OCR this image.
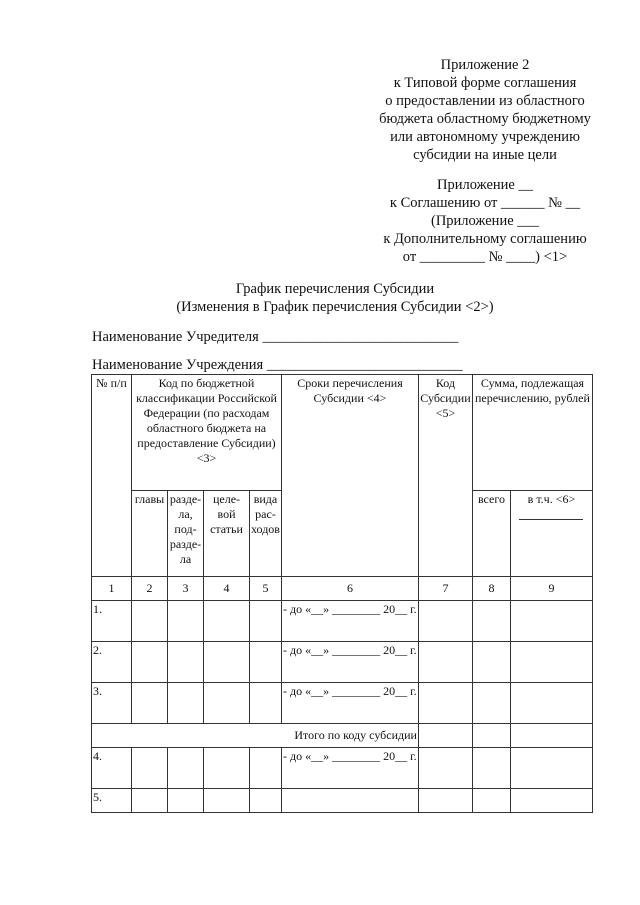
Приложение 2
к Типовой форме соглашения
о предоставлении из областного
бюджета областному бюджетному
или автономному учреждению
субсидии на иные цели
Приложение __
к Соглашению от ______ № __
(Приложение ___
к Дополнительному соглашению
от _________ № ____) <1>
График перечисления Субсидии
(Изменения в График перечисления Субсидии <2>)
Наименование Учредителя ___________________________
Наименование Учреждения ___________________________
№ п/п	Код по бюджетной классификации Российской Федерации (по расходам областного бюджета на предоставление Субсидии) <3>				Сроки перечисления Субсидии <4>	Код Субсидии <5>	Сумма, подлежащая перечислению, рублей	
	главы	разде-ла, под-разде-ла	целе-вой статьи	вида рас-ходов			всего	в т.ч. <6>

1	2	3	4	5	6	7	8	9
1.					- до «__» ________ 20__ г.			
2.					- до «__» ________ 20__ г.			
3.					- до «__» ________ 20__ г.			
Итого по коду субсидии								
4.					- до «__» ________ 20__ г.			
5.								
